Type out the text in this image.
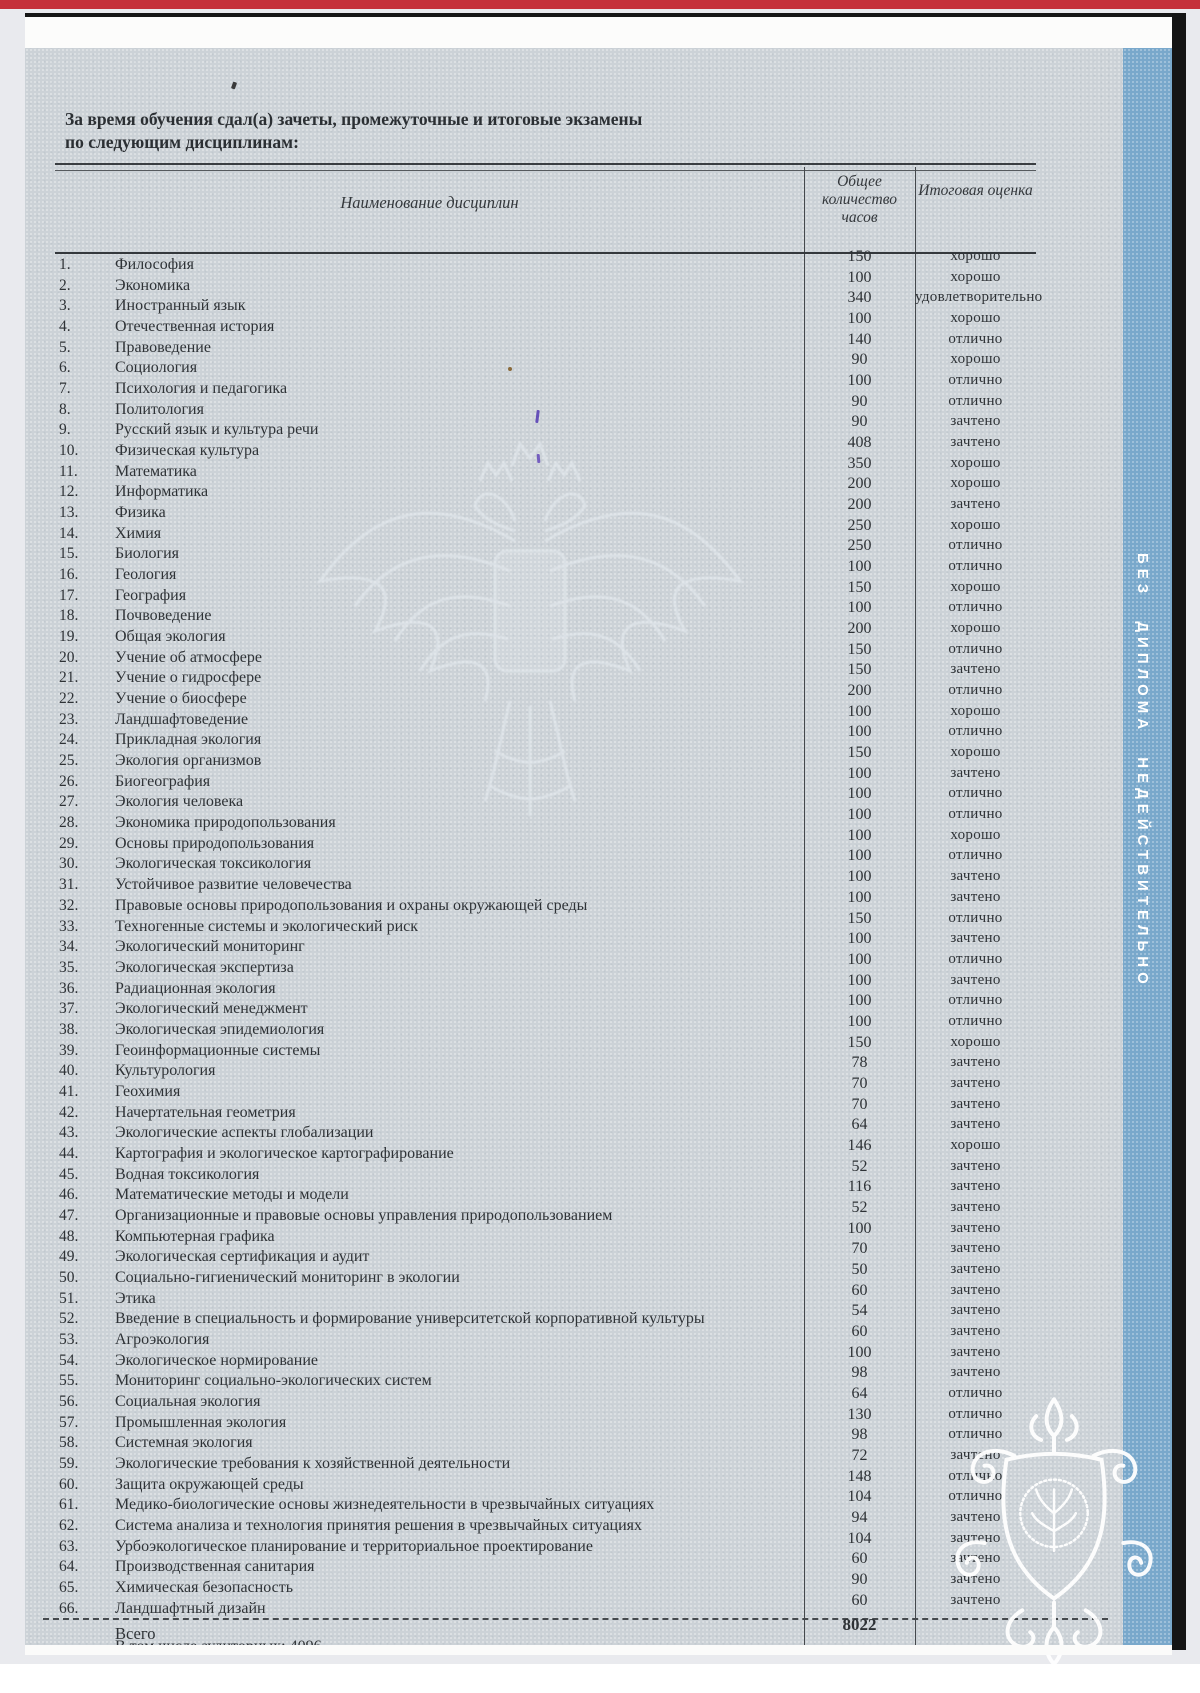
БЕЗ ДИПЛОМА НЕДЕЙСТВИТЕЛЬНО
За время обучения сдал(а) зачеты, промежуточные и итоговые экзамены
по следующим дисциплинам:
Наименование дисциплин
Общее количество часов
Итоговая оценка
1.	Философия	150	хорошо
2.	Экономика	100	хорошо
3.	Иностранный язык	340	удовлетворительно
4.	Отечественная история	100	хорошо
5.	Правоведение	140	отлично
6.	Социология	90	хорошо
7.	Психология и педагогика	100	отлично
8.	Политология	90	отлично
9.	Русский язык и культура речи	90	зачтено
10.	Физическая культура	408	зачтено
11.	Математика	350	хорошо
12.	Информатика	200	хорошо
13.	Физика	200	зачтено
14.	Химия	250	хорошо
15.	Биология	250	отлично
16.	Геология	100	отлично
17.	География	150	хорошо
18.	Почвоведение	100	отлично
19.	Общая экология	200	хорошо
20.	Учение об атмосфере	150	отлично
21.	Учение о гидросфере	150	зачтено
22.	Учение о биосфере	200	отлично
23.	Ландшафтоведение	100	хорошо
24.	Прикладная экология	100	отлично
25.	Экология организмов	150	хорошо
26.	Биогеография	100	зачтено
27.	Экология человека	100	отлично
28.	Экономика природопользования	100	отлично
29.	Основы природопользования	100	хорошо
30.	Экологическая токсикология	100	отлично
31.	Устойчивое развитие человечества	100	зачтено
32.	Правовые основы природопользования и охраны окружающей среды	100	зачтено
33.	Техногенные системы и экологический риск	150	отлично
34.	Экологический мониторинг	100	зачтено
35.	Экологическая экспертиза	100	отлично
36.	Радиационная экология	100	зачтено
37.	Экологический менеджмент	100	отлично
38.	Экологическая эпидемиология	100	отлично
39.	Геоинформационные системы	150	хорошо
40.	Культурология	78	зачтено
41.	Геохимия	70	зачтено
42.	Начертательная геометрия	70	зачтено
43.	Экологические аспекты глобализации	64	зачтено
44.	Картография и экологическое картографирование	146	хорошо
45.	Водная токсикология	52	зачтено
46.	Математические методы и модели	116	зачтено
47.	Организационные и правовые основы управления природопользованием	52	зачтено
48.	Компьютерная графика	100	зачтено
49.	Экологическая сертификация и аудит	70	зачтено
50.	Социально-гигиенический мониторинг в экологии	50	зачтено
51.	Этика	60	зачтено
52.	Введение в специальность и формирование университетской корпоративной культуры	54	зачтено
53.	Агроэкология	60	зачтено
54.	Экологическое нормирование	100	зачтено
55.	Мониторинг социально-экологических систем	98	зачтено
56.	Социальная экология	64	отлично
57.	Промышленная экология	130	отлично
58.	Системная экология	98	отлично
59.	Экологические требования к хозяйственной деятельности	72	зачтено
60.	Защита окружающей среды	148	отлично
61.	Медико-биологические основы жизнедеятельности в чрезвычайных ситуациях	104	отлично
62.	Система анализа и технология принятия решения в чрезвычайных ситуациях	94	зачтено
63.	Урбоэкологическое планирование и территориальное проектирование	104	зачтено
64.	Производственная санитария	60	зачтено
65.	Химическая безопасность	90	зачтено
66.	Ландшафтный дизайн	60	зачтено
Всего	8022
